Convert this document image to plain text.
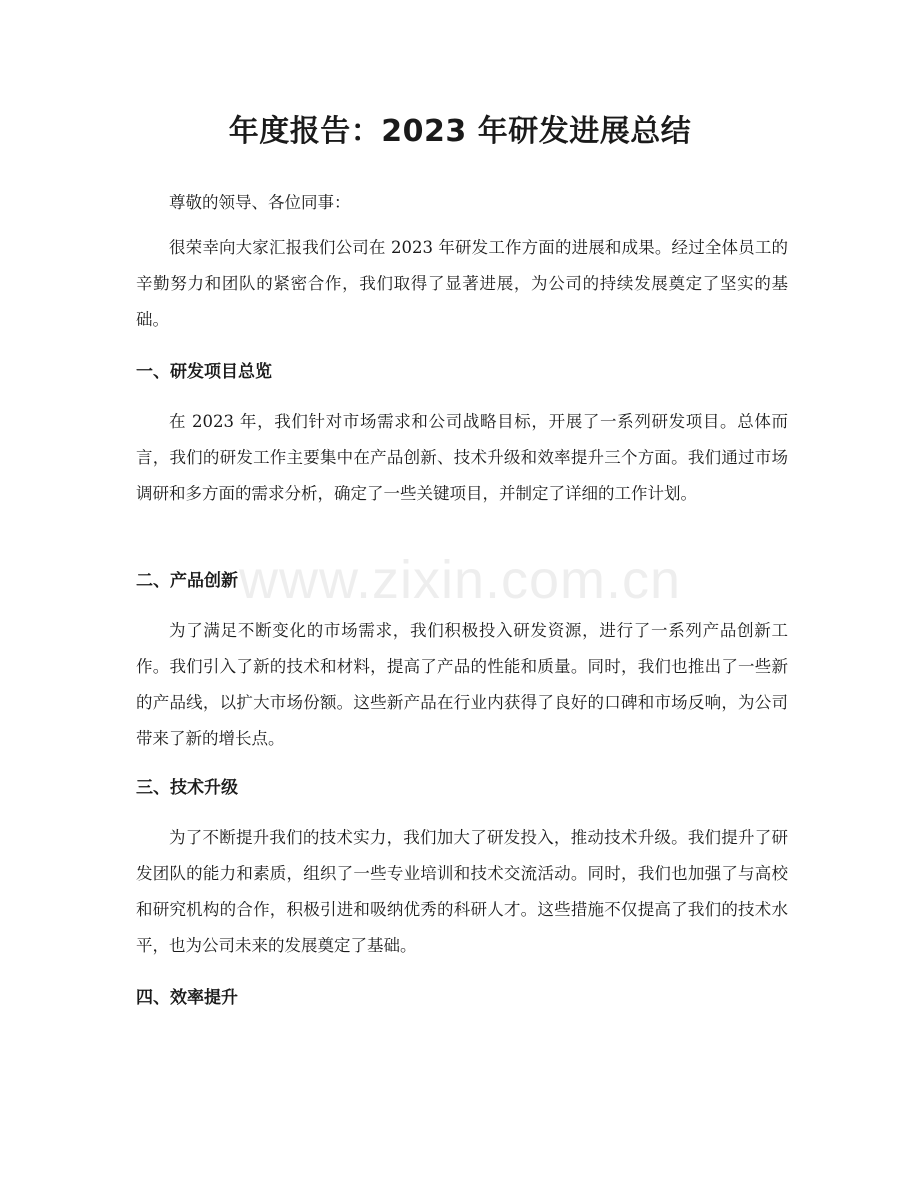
年度报告：2023 年研发进展总结

尊敬的领导、各位同事：

很荣幸向大家汇报我们公司在 2023 年研发工作方面的进展和成果。经过全体员工的辛勤努力和团队的紧密合作，我们取得了显著进展，为公司的持续发展奠定了坚实的基础。

一、研发项目总览

在 2023 年，我们针对市场需求和公司战略目标，开展了一系列研发项目。总体而言，我们的研发工作主要集中在产品创新、技术升级和效率提升三个方面。我们通过市场调研和多方面的需求分析，确定了一些关键项目，并制定了详细的工作计划。

二、产品创新

为了满足不断变化的市场需求，我们积极投入研发资源，进行了一系列产品创新工作。我们引入了新的技术和材料，提高了产品的性能和质量。同时，我们也推出了一些新的产品线，以扩大市场份额。这些新产品在行业内获得了良好的口碑和市场反响，为公司带来了新的增长点。

三、技术升级

为了不断提升我们的技术实力，我们加大了研发投入，推动技术升级。我们提升了研发团队的能力和素质，组织了一些专业培训和技术交流活动。同时，我们也加强了与高校和研究机构的合作，积极引进和吸纳优秀的科研人才。这些措施不仅提高了我们的技术水平，也为公司未来的发展奠定了基础。

四、效率提升
www.zixin.com.cn
